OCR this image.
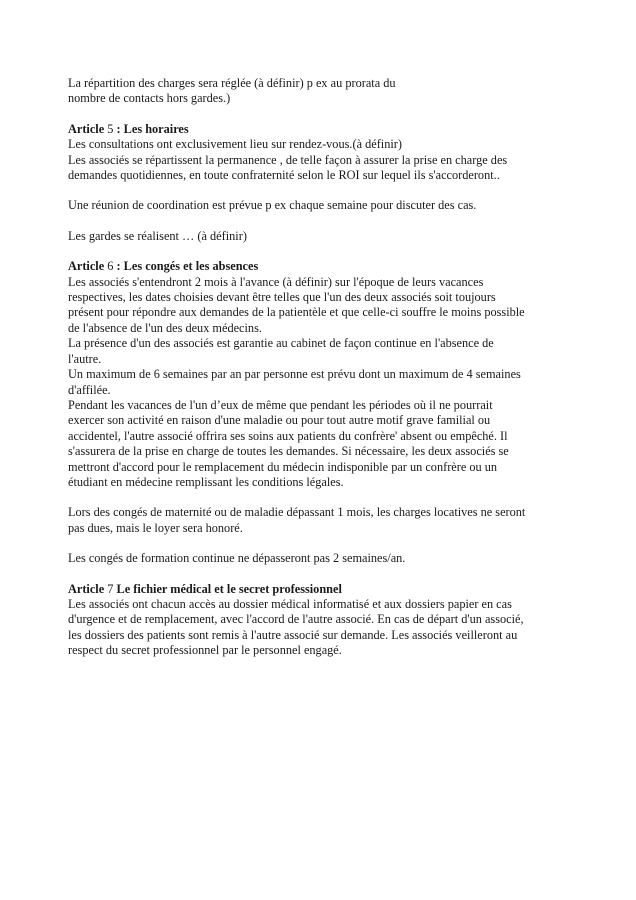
La répartition des charges sera réglée (à définir) p ex au prorata du

nombre de contacts hors gardes.)

Article 5 : Les horaires

Les consultations ont exclusivement lieu sur rendez-vous.(à définir)

Les associés se répartissent la permanence , de telle façon à assurer la prise en charge des

demandes quotidiennes, en toute confraternité selon le ROI sur lequel ils s'accorderont..

Une réunion de coordination est prévue p ex chaque semaine pour discuter des cas.

Les gardes se réalisent … (à définir)

Article 6 : Les congés et les absences

Les associés s'entendront 2 mois à l'avance (à définir) sur l'époque de leurs vacances

respectives, les dates choisies devant être telles que l'un des deux associés soit toujours

présent pour répondre aux demandes de la patientèle et que celle-ci souffre le moins possible

de l'absence de l'un des deux médecins.

La présence d'un des associés est garantie au cabinet de façon continue en l'absence de

l'autre.

Un maximum de 6 semaines par an par personne est prévu dont un maximum de 4 semaines

d'affilée.

Pendant les vacances de l'un d’eux de même que pendant les périodes où il ne pourrait

exercer son activité en raison d'une maladie ou pour tout autre motif grave familial ou

accidentel, l'autre associé offrira ses soins aux patients du confrère' absent ou empêché. Il

s'assurera de la prise en charge de toutes les demandes. Si nécessaire, les deux associés se

mettront d'accord pour le remplacement du médecin indisponible par un confrère ou un

étudiant en médecine remplissant les conditions légales.

Lors des congés de maternité ou de maladie dépassant 1 mois, les charges locatives ne seront

pas dues, mais le loyer sera honoré.

Les congés de formation continue ne dépasseront pas 2 semaines/an.

Article 7 Le fichier médical et le secret professionnel

Les associés ont chacun accès au dossier médical informatisé et aux dossiers papier en cas

d'urgence et de remplacement, avec l'accord de l'autre associé. En cas de départ d'un associé,

les dossiers des patients sont remis à l'autre associé sur demande. Les associés veilleront au

respect du secret professionnel par le personnel engagé.
